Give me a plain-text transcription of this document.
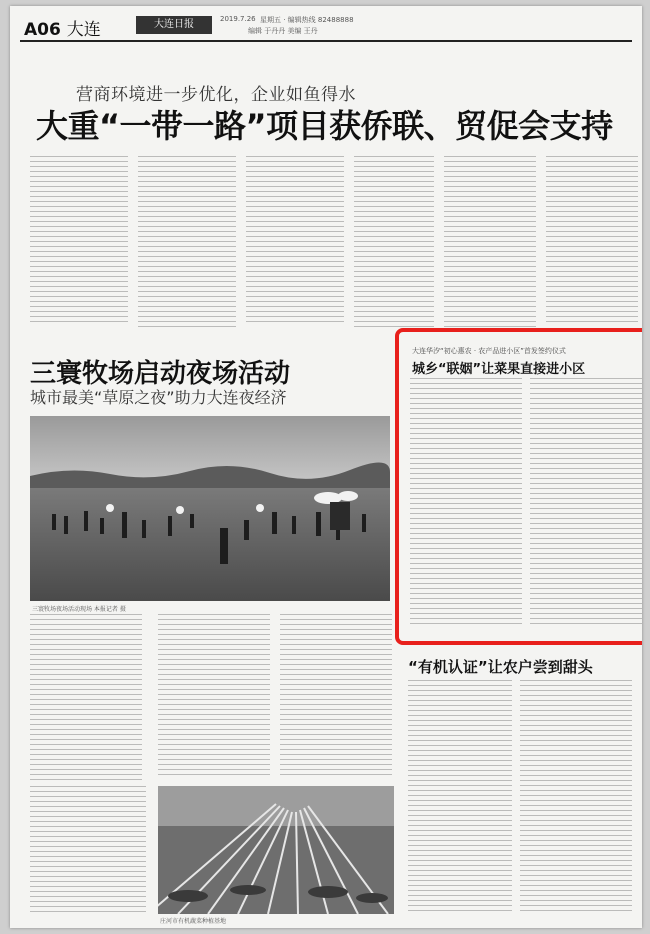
A06 大连	大连日报	2019.7.26 星期五 · 编辑热线 82488888
编辑 于丹丹 美编 王丹
营商环境进一步优化，企业如鱼得水
大重“一带一路”项目获侨联、贸促会支持
三寰牧场启动夜场活动
城市最美“草原之夜”助力大连夜经济
三寰牧场夜场活动现场 本报记者 摄
大连华汐“初心惠农 · 农产品进小区”首发签约仪式
城乡“联姻”让菜果直接进小区
“有机认证”让农户尝到甜头
庄河市有机蔬菜种植基地
